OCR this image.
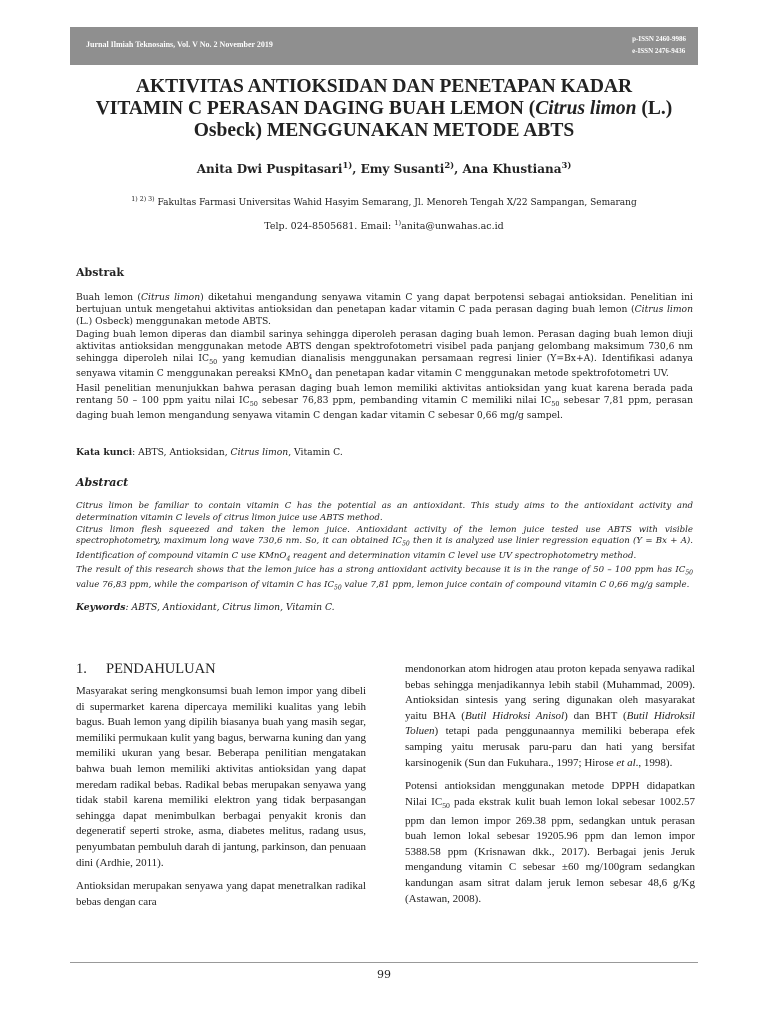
Jurnal Ilmiah Teknosains, Vol. V No. 2 November 2019
p-ISSN 2460-9986
e-ISSN 2476-9436
AKTIVITAS ANTIOKSIDAN DAN PENETAPAN KADAR
VITAMIN C PERASAN DAGING BUAH LEMON (Citrus limon (L.)
Osbeck) MENGGUNAKAN METODE ABTS
Anita Dwi Puspitasari$^{1)}$, Emy Susanti$^{2)}$, Ana Khustiana$^{3)}$
$^{1) 2) 3)}$ Fakultas Farmasi Universitas Wahid Hasyim Semarang, Jl. Menoreh Tengah X/22 Sampangan, Semarang
Telp. 024-8505681. Email: $^{1)}$anita@unwahas.ac.id
Abstrak

Buah lemon (Citrus limon) diketahui mengandung senyawa vitamin C yang dapat berpotensi sebagai antioksidan. Penelitian ini bertujuan untuk mengetahui aktivitas antioksidan dan penetapan kadar vitamin C pada perasan daging buah lemon (Citrus limon (L.) Osbeck) menggunakan metode ABTS.

Daging buah lemon diperas dan diambil sarinya sehingga diperoleh perasan daging buah lemon. Perasan daging buah lemon diuji aktivitas antioksidan menggunakan metode ABTS dengan spektrofotometri visibel pada panjang gelombang maksimum 730,6 nm sehingga diperoleh nilai $IC_{50}$ yang kemudian dianalisis menggunakan persamaan regresi linier (Y=Bx+A). Identifikasi adanya senyawa vitamin C menggunakan pereaksi KMnO$_4$ dan penetapan kadar vitamin C menggunakan metode spektrofotometri UV.

Hasil penelitian menunjukkan bahwa perasan daging buah lemon memiliki aktivitas antioksidan yang kuat karena berada pada rentang 50 – 100 ppm yaitu nilai $IC_{50}$ sebesar 76,83 ppm, pembanding vitamin C memiliki nilai $IC_{50}$ sebesar 7,81 ppm, perasan daging buah lemon mengandung senyawa vitamin C dengan kadar vitamin C sebesar 0,66 mg/g sampel.

Kata kunci: ABTS, Antioksidan, Citrus limon, Vitamin C.
Abstract

Citrus limon be familiar to contain vitamin C has the potential as an antioxidant. This study aims to the antioxidant activity and determination vitamin C levels of citrus limon juice use ABTS method.

Citrus limon flesh squeezed and taken the lemon juice. Antioxidant activity of the lemon juice tested use ABTS with visible spectrophotometry, maximum long wave 730,6 nm. So, it can obtained $IC_{50}$ then it is analyzed use linier regression equation (Y = Bx + A). Identification of compound vitamin C use KMnO$_4$ reagent and determination vitamin C level use UV spectrophotometry method.

The result of this research shows that the lemon juice has a strong antioxidant activity because it is in the range of 50 – 100 ppm has $IC_{50}$ value 76,83 ppm, while the comparison of vitamin C has $IC_{50}$ value 7,81 ppm, lemon juice contain of compound vitamin C 0,66 mg/g sample.

Keywords: ABTS, Antioxidant, Citrus limon, Vitamin C.
1. PENDAHULUAN

Masyarakat sering mengkonsumsi buah lemon impor yang dibeli di supermarket karena dipercaya memiliki kualitas yang lebih bagus. Buah lemon yang dipilih biasanya buah yang masih segar, memiliki permukaan kulit yang bagus, berwarna kuning dan yang memiliki ukuran yang besar. Beberapa penilitian mengatakan bahwa buah lemon memiliki aktivitas antioksidan yang dapat meredam radikal bebas. Radikal bebas merupakan senyawa yang tidak stabil karena memiliki elektron yang tidak berpasangan sehingga dapat menimbulkan berbagai penyakit kronis dan degeneratif seperti stroke, asma, diabetes melitus, radang usus, penyumbatan pembuluh darah di jantung, parkinson, dan penuaan dini (Ardhie, 2011).

Antioksidan merupakan senyawa yang dapat menetralkan radikal bebas dengan cara

mendonorkan atom hidrogen atau proton kepada senyawa radikal bebas sehingga menjadikannya lebih stabil (Muhammad, 2009). Antioksidan sintesis yang sering digunakan oleh masyarakat yaitu BHA (Butil Hidroksi Anisol) dan BHT (Butil Hidroksil Toluen) tetapi pada penggunaannya memiliki beberapa efek samping yaitu merusak paru-paru dan hati yang bersifat karsinogenik (Sun dan Fukuhara., 1997; Hirose et al., 1998).

Potensi antioksidan menggunakan metode DPPH didapatkan Nilai $IC_{50}$ pada ekstrak kulit buah lemon lokal sebesar 1002.57 ppm dan lemon impor 269.38 ppm, sedangkan untuk perasan buah lemon lokal sebesar 19205.96 ppm dan lemon impor 5388.58 ppm (Krisnawan dkk., 2017). Berbagai jenis Jeruk mengandung vitamin C sebesar ±60 mg/100gram sedangkan kandungan asam sitrat dalam jeruk lemon sebesar 48,6 g/Kg (Astawan, 2008).

99
